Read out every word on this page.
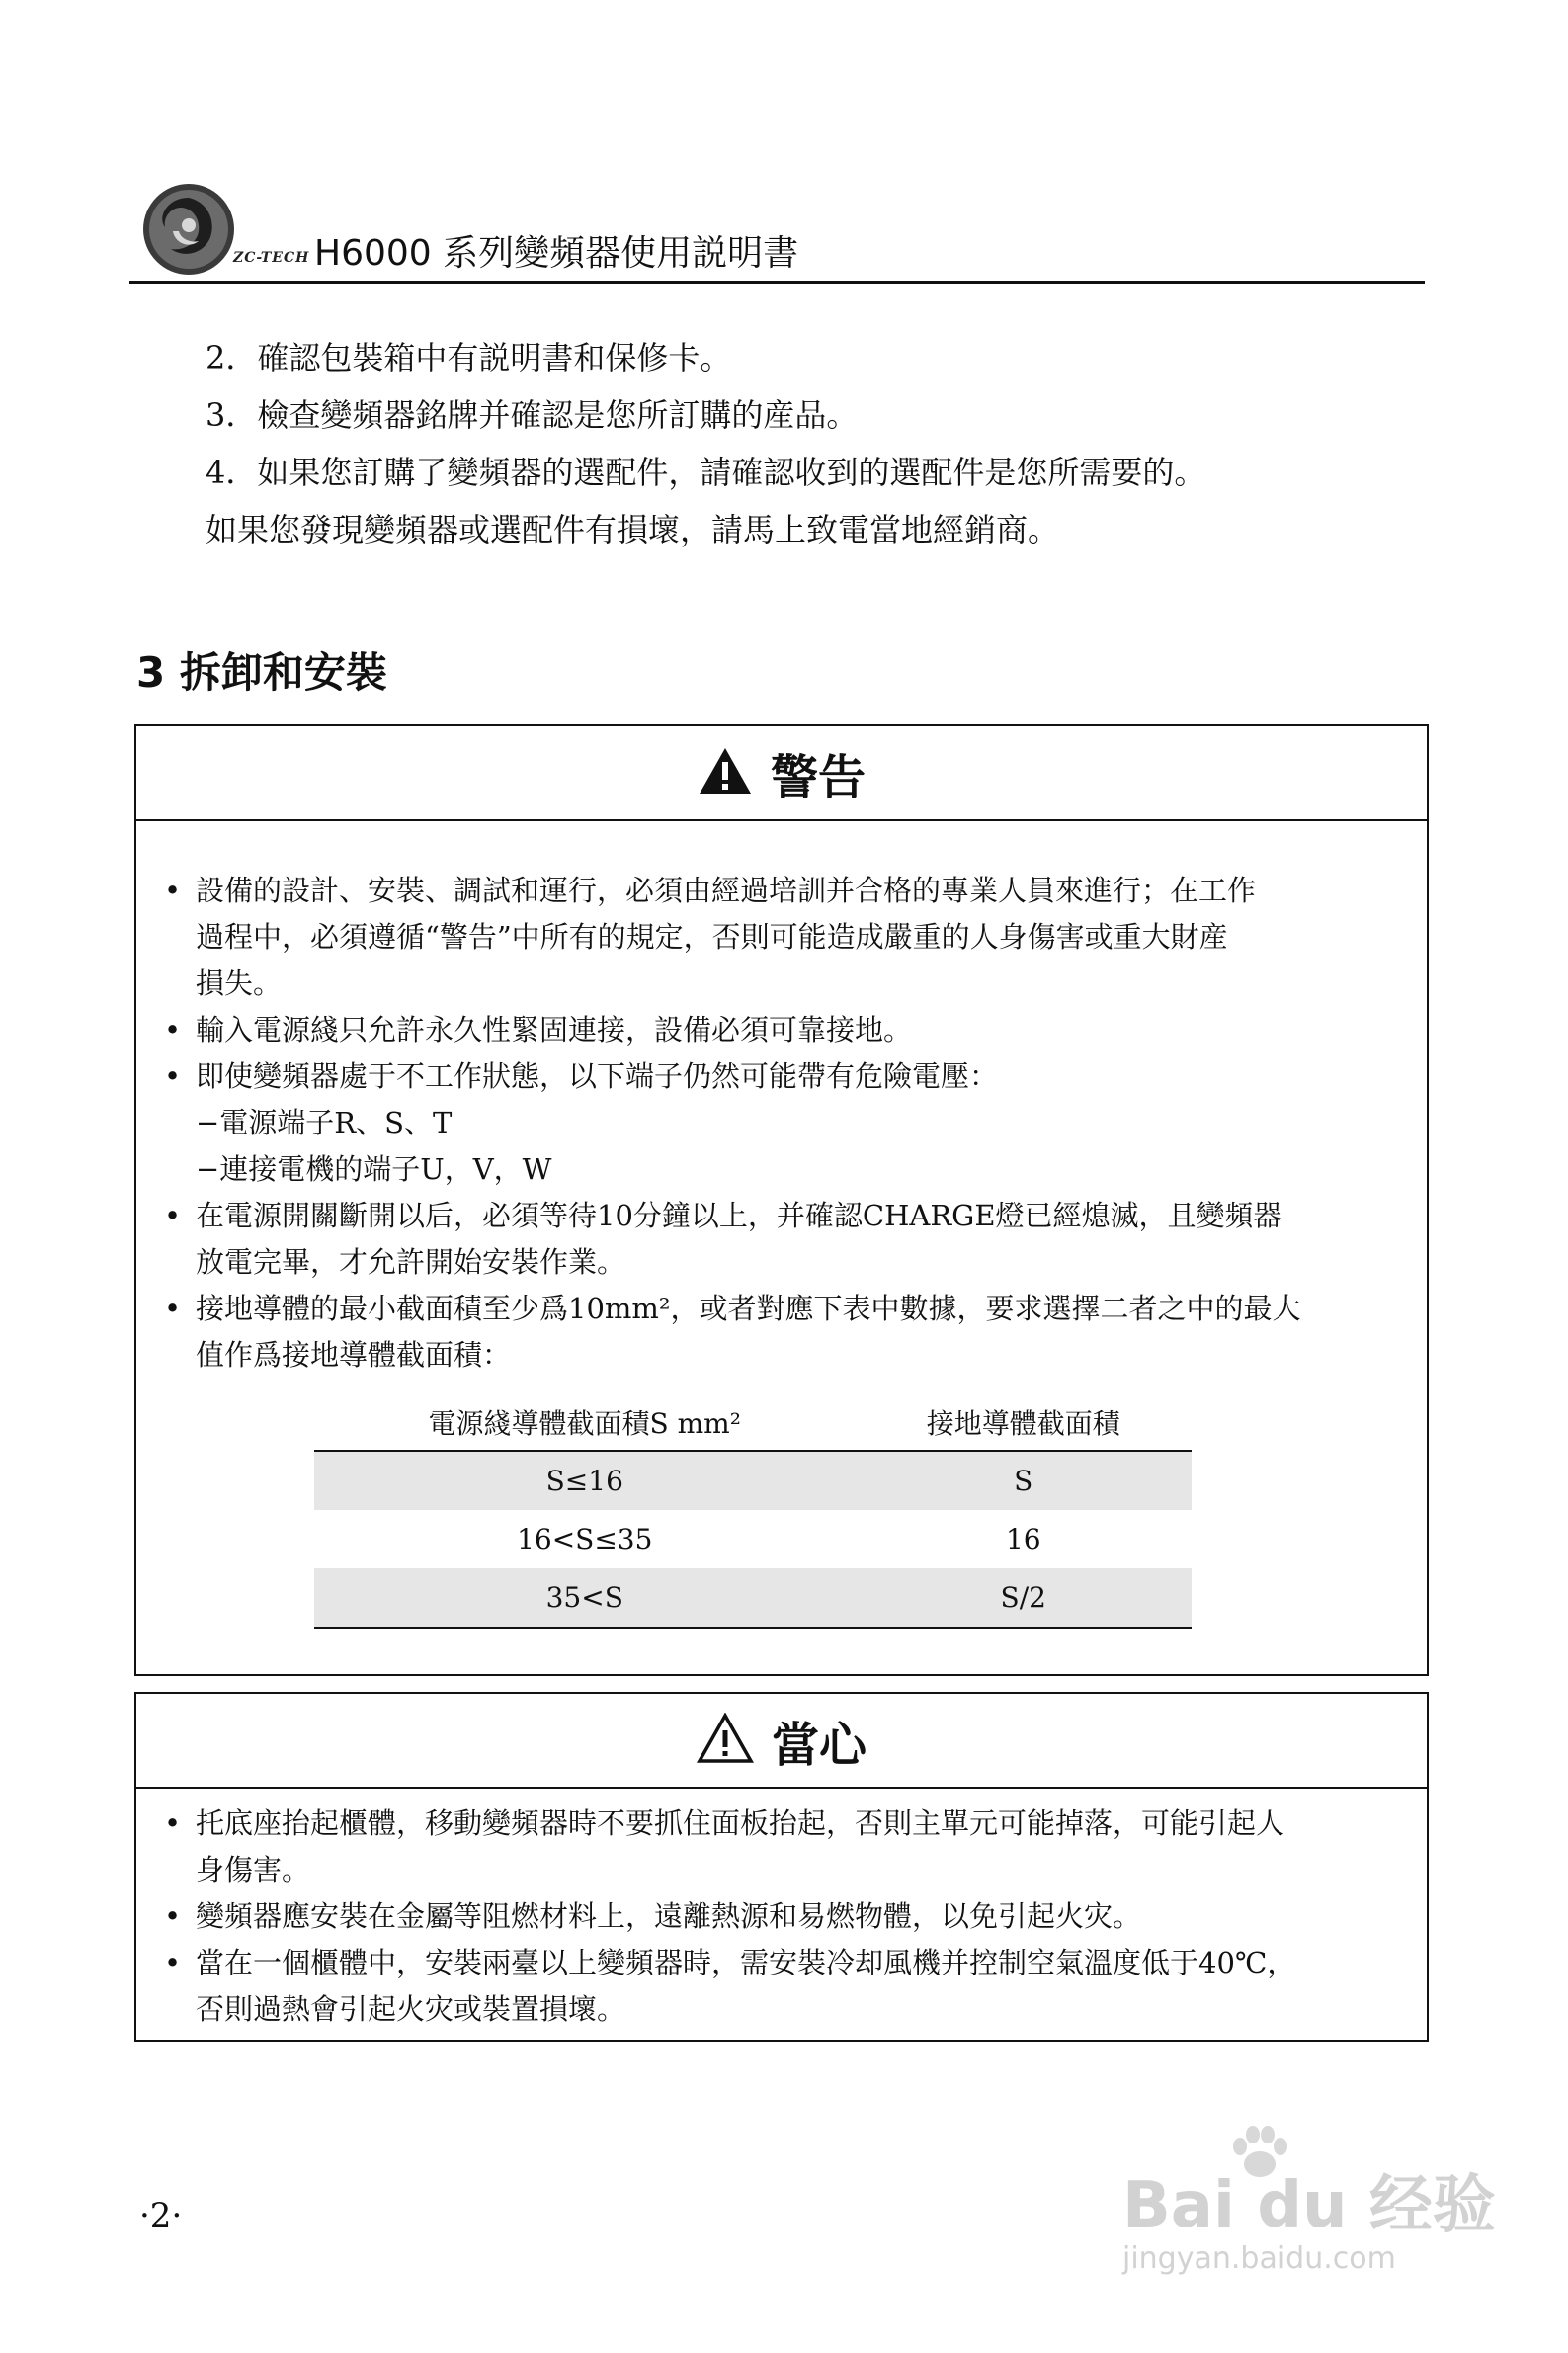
ZC-TECH H6000 系列變頻器使用説明書
2．確認包裝箱中有説明書和保修卡。
3．檢查變頻器銘牌并確認是您所訂購的産品。
4．如果您訂購了變頻器的選配件，請確認收到的選配件是您所需要的。
如果您發現變頻器或選配件有損壞，請馬上致電當地經銷商。
3 拆卸和安裝
警告
• 設備的設計、安裝、調試和運行，必須由經過培訓并合格的專業人員來進行；在工作
過程中，必須遵循“警告”中所有的規定，否則可能造成嚴重的人身傷害或重大財産
損失。
• 輸入電源綫只允許永久性緊固連接，設備必須可靠接地。
• 即使變頻器處于不工作狀態，以下端子仍然可能帶有危險電壓：
−電源端子R、S、T
−連接電機的端子U，V，W
• 在電源開關斷開以后，必須等待10分鐘以上，并確認CHARGE燈已經熄滅，且變頻器
放電完畢，才允許開始安裝作業。
• 接地導體的最小截面積至少爲10mm²，或者對應下表中數據，要求選擇二者之中的最大
值作爲接地導體截面積：
電源綫導體截面積S mm²	接地導體截面積
S≤16	S
16<S≤35	16
35<S	S/2
當心
• 托底座抬起櫃體，移動變頻器時不要抓住面板抬起，否則主單元可能掉落，可能引起人
身傷害。
• 變頻器應安裝在金屬等阻燃材料上，遠離熱源和易燃物體，以免引起火灾。
• 當在一個櫃體中，安裝兩臺以上變頻器時，需安裝冷却風機并控制空氣溫度低于40℃，
否則過熱會引起火灾或裝置損壞。
·2·	Bai du 经验
jingyan.baidu.com
